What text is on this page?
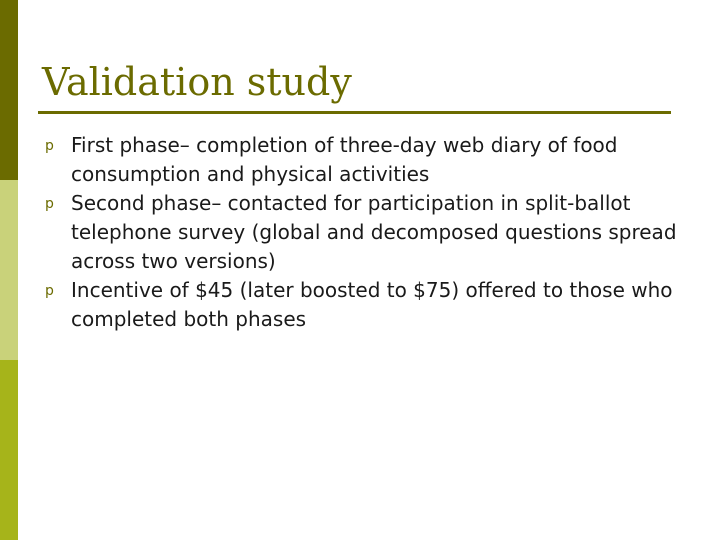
Validation study
p First phase– completion of three-day web diary of food consumption and physical activities
p Second phase– contacted for participation in split-ballot telephone survey (global and decomposed questions spread across two versions)
p Incentive of $45 (later boosted to $75) offered to those who completed both phases
